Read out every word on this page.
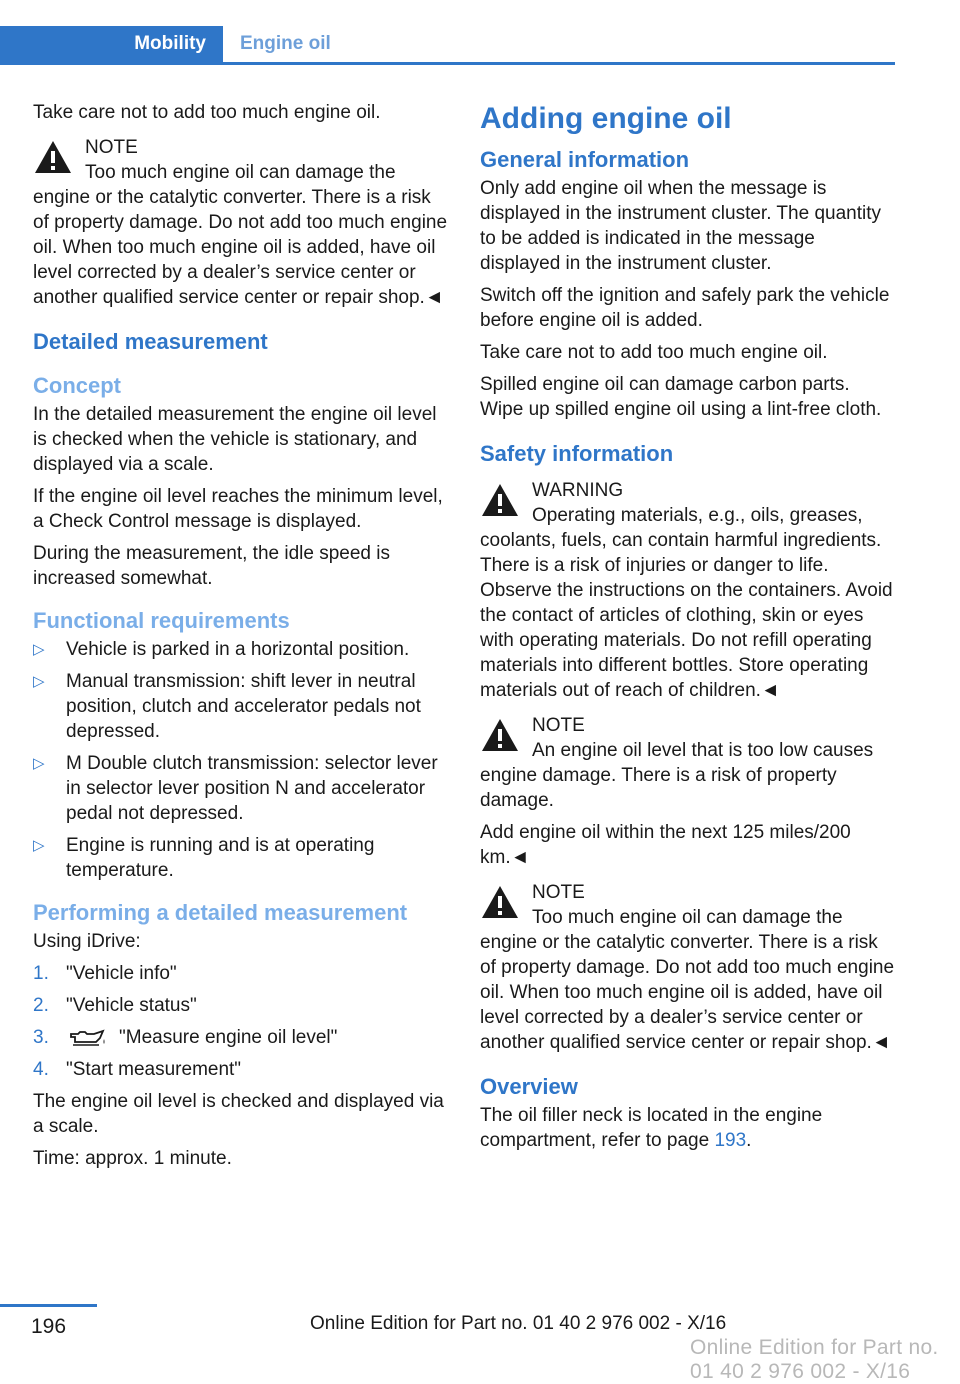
Mobility	Engine oil

Take care not to add too much engine oil.

NOTE
Too much engine oil can damage the engine or the catalytic converter. There is a risk of property damage. Do not add too much engine oil. When too much engine oil is added, have oil level corrected by a dealer’s service center or another qualified service center or repair shop.◄
Detailed measurement
Concept

In the detailed measurement the engine oil level is checked when the vehicle is stationary, and displayed via a scale.

If the engine oil level reaches the minimum level, a Check Control message is displayed.

During the measurement, the idle speed is increased somewhat.

Functional requirements
▷ Vehicle is parked in a horizontal position.
▷ Manual transmission: shift lever in neutral position, clutch and accelerator pedals not depressed.
▷ M Double clutch transmission: selector lever in selector lever position N and accelerator pedal not depressed.
▷ Engine is running and is at operating temperature.
Performing a detailed measurement

Using iDrive:

1. "Vehicle info"
2. "Vehicle status"
3.	"Measure engine oil level"
4. "Start measurement"

The engine oil level is checked and displayed via a scale.

Time: approx. 1 minute.

Adding engine oil
General information

Only add engine oil when the message is displayed in the instrument cluster. The quantity to be added is indicated in the message displayed in the instrument cluster.

Switch off the ignition and safely park the vehicle before engine oil is added.

Take care not to add too much engine oil.

Spilled engine oil can damage carbon parts. Wipe up spilled engine oil using a lint-free cloth.

Safety information
WARNING
Operating materials, e.g., oils, greases, coolants, fuels, can contain harmful ingredients. There is a risk of injuries or danger to life. Observe the instructions on the containers. Avoid the contact of articles of clothing, skin or eyes with operating materials. Do not refill operating materials into different bottles. Store operating materials out of reach of children.◄
NOTE
An engine oil level that is too low causes engine damage. There is a risk of property damage.

Add engine oil within the next 125 miles/200 km.◄

NOTE
Too much engine oil can damage the engine or the catalytic converter. There is a risk of property damage. Do not add too much engine oil. When too much engine oil is added, have oil level corrected by a dealer’s service center or another qualified service center or repair shop.◄
Overview

The oil filler neck is located in the engine compartment, refer to page 193.

196	Online Edition for Part no. 01 40 2 976 002 - X/16
Online Edition for Part no. 01 40 2 976 002 - X/16
